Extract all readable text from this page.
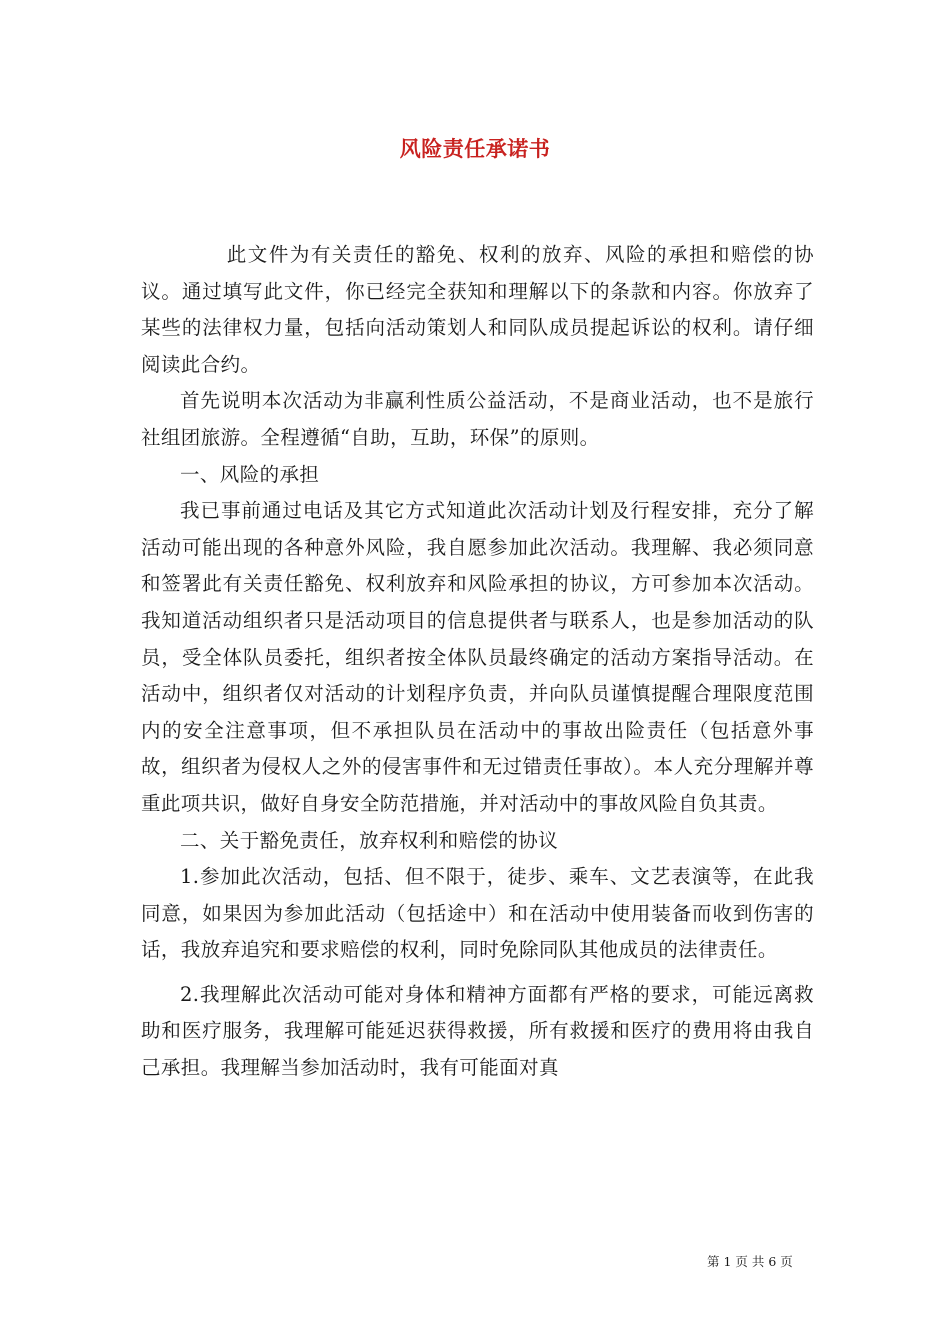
风险责任承诺书

此文件为有关责任的豁免、权利的放弃、风险的承担和赔偿的协议。通过填写此文件，你已经完全获知和理解以下的条款和内容。你放弃了某些的法律权力量，包括向活动策划人和同队成员提起诉讼的权利。请仔细阅读此合约。

首先说明本次活动为非赢利性质公益活动，不是商业活动，也不是旅行社组团旅游。全程遵循“自助，互助，环保”的原则。

一、风险的承担

我已事前通过电话及其它方式知道此次活动计划及行程安排，充分了解活动可能出现的各种意外风险，我自愿参加此次活动。我理解、我必须同意和签署此有关责任豁免、权利放弃和风险承担的协议，方可参加本次活动。我知道活动组织者只是活动项目的信息提供者与联系人，也是参加活动的队员，受全体队员委托，组织者按全体队员最终确定的活动方案指导活动。在活动中，组织者仅对活动的计划程序负责，并向队员谨慎提醒合理限度范围内的安全注意事项，但不承担队员在活动中的事故出险责任（包括意外事故，组织者为侵权人之外的侵害事件和无过错责任事故）。本人充分理解并尊重此项共识，做好自身安全防范措施，并对活动中的事故风险自负其责。

二、关于豁免责任，放弃权利和赔偿的协议

1.参加此次活动，包括、但不限于，徒步、乘车、文艺表演等，在此我同意，如果因为参加此活动（包括途中）和在活动中使用装备而收到伤害的话，我放弃追究和要求赔偿的权利，同时免除同队其他成员的法律责任。

2.我理解此次活动可能对身体和精神方面都有严格的要求，可能远离救助和医疗服务，我理解可能延迟获得救援，所有救援和医疗的费用将由我自己承担。我理解当参加活动时，我有可能面对真

第 1 页 共 6 页
